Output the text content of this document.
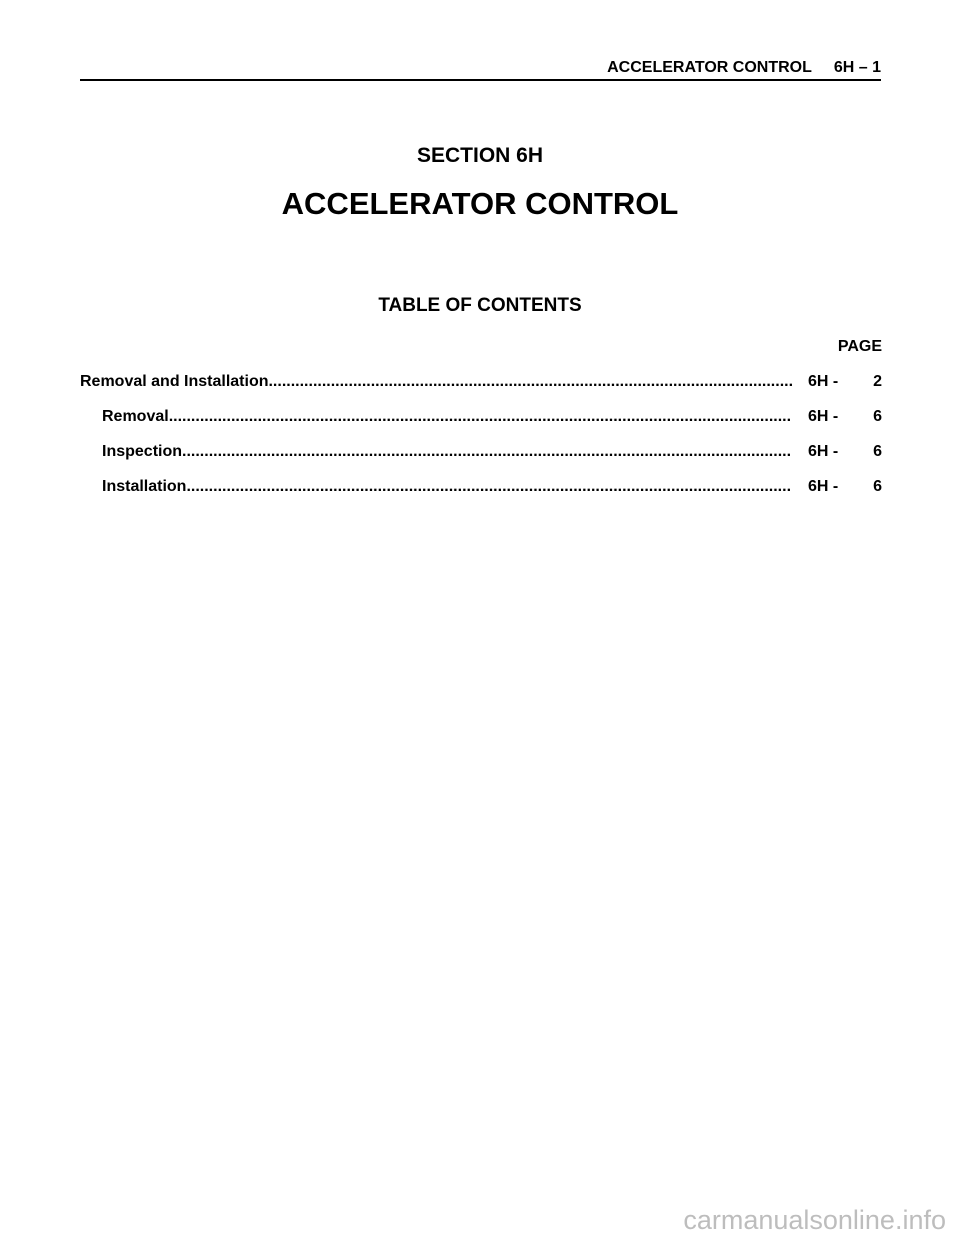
ACCELERATOR CONTROL 6H – 1
SECTION 6H
ACCELERATOR CONTROL
TABLE OF CONTENTS
PAGE
Removal and Installation .....	6H -	2
Removal .....	6H -	6
Inspection .....	6H -	6
Installation .....	6H -	6
carmanualsonline.info
